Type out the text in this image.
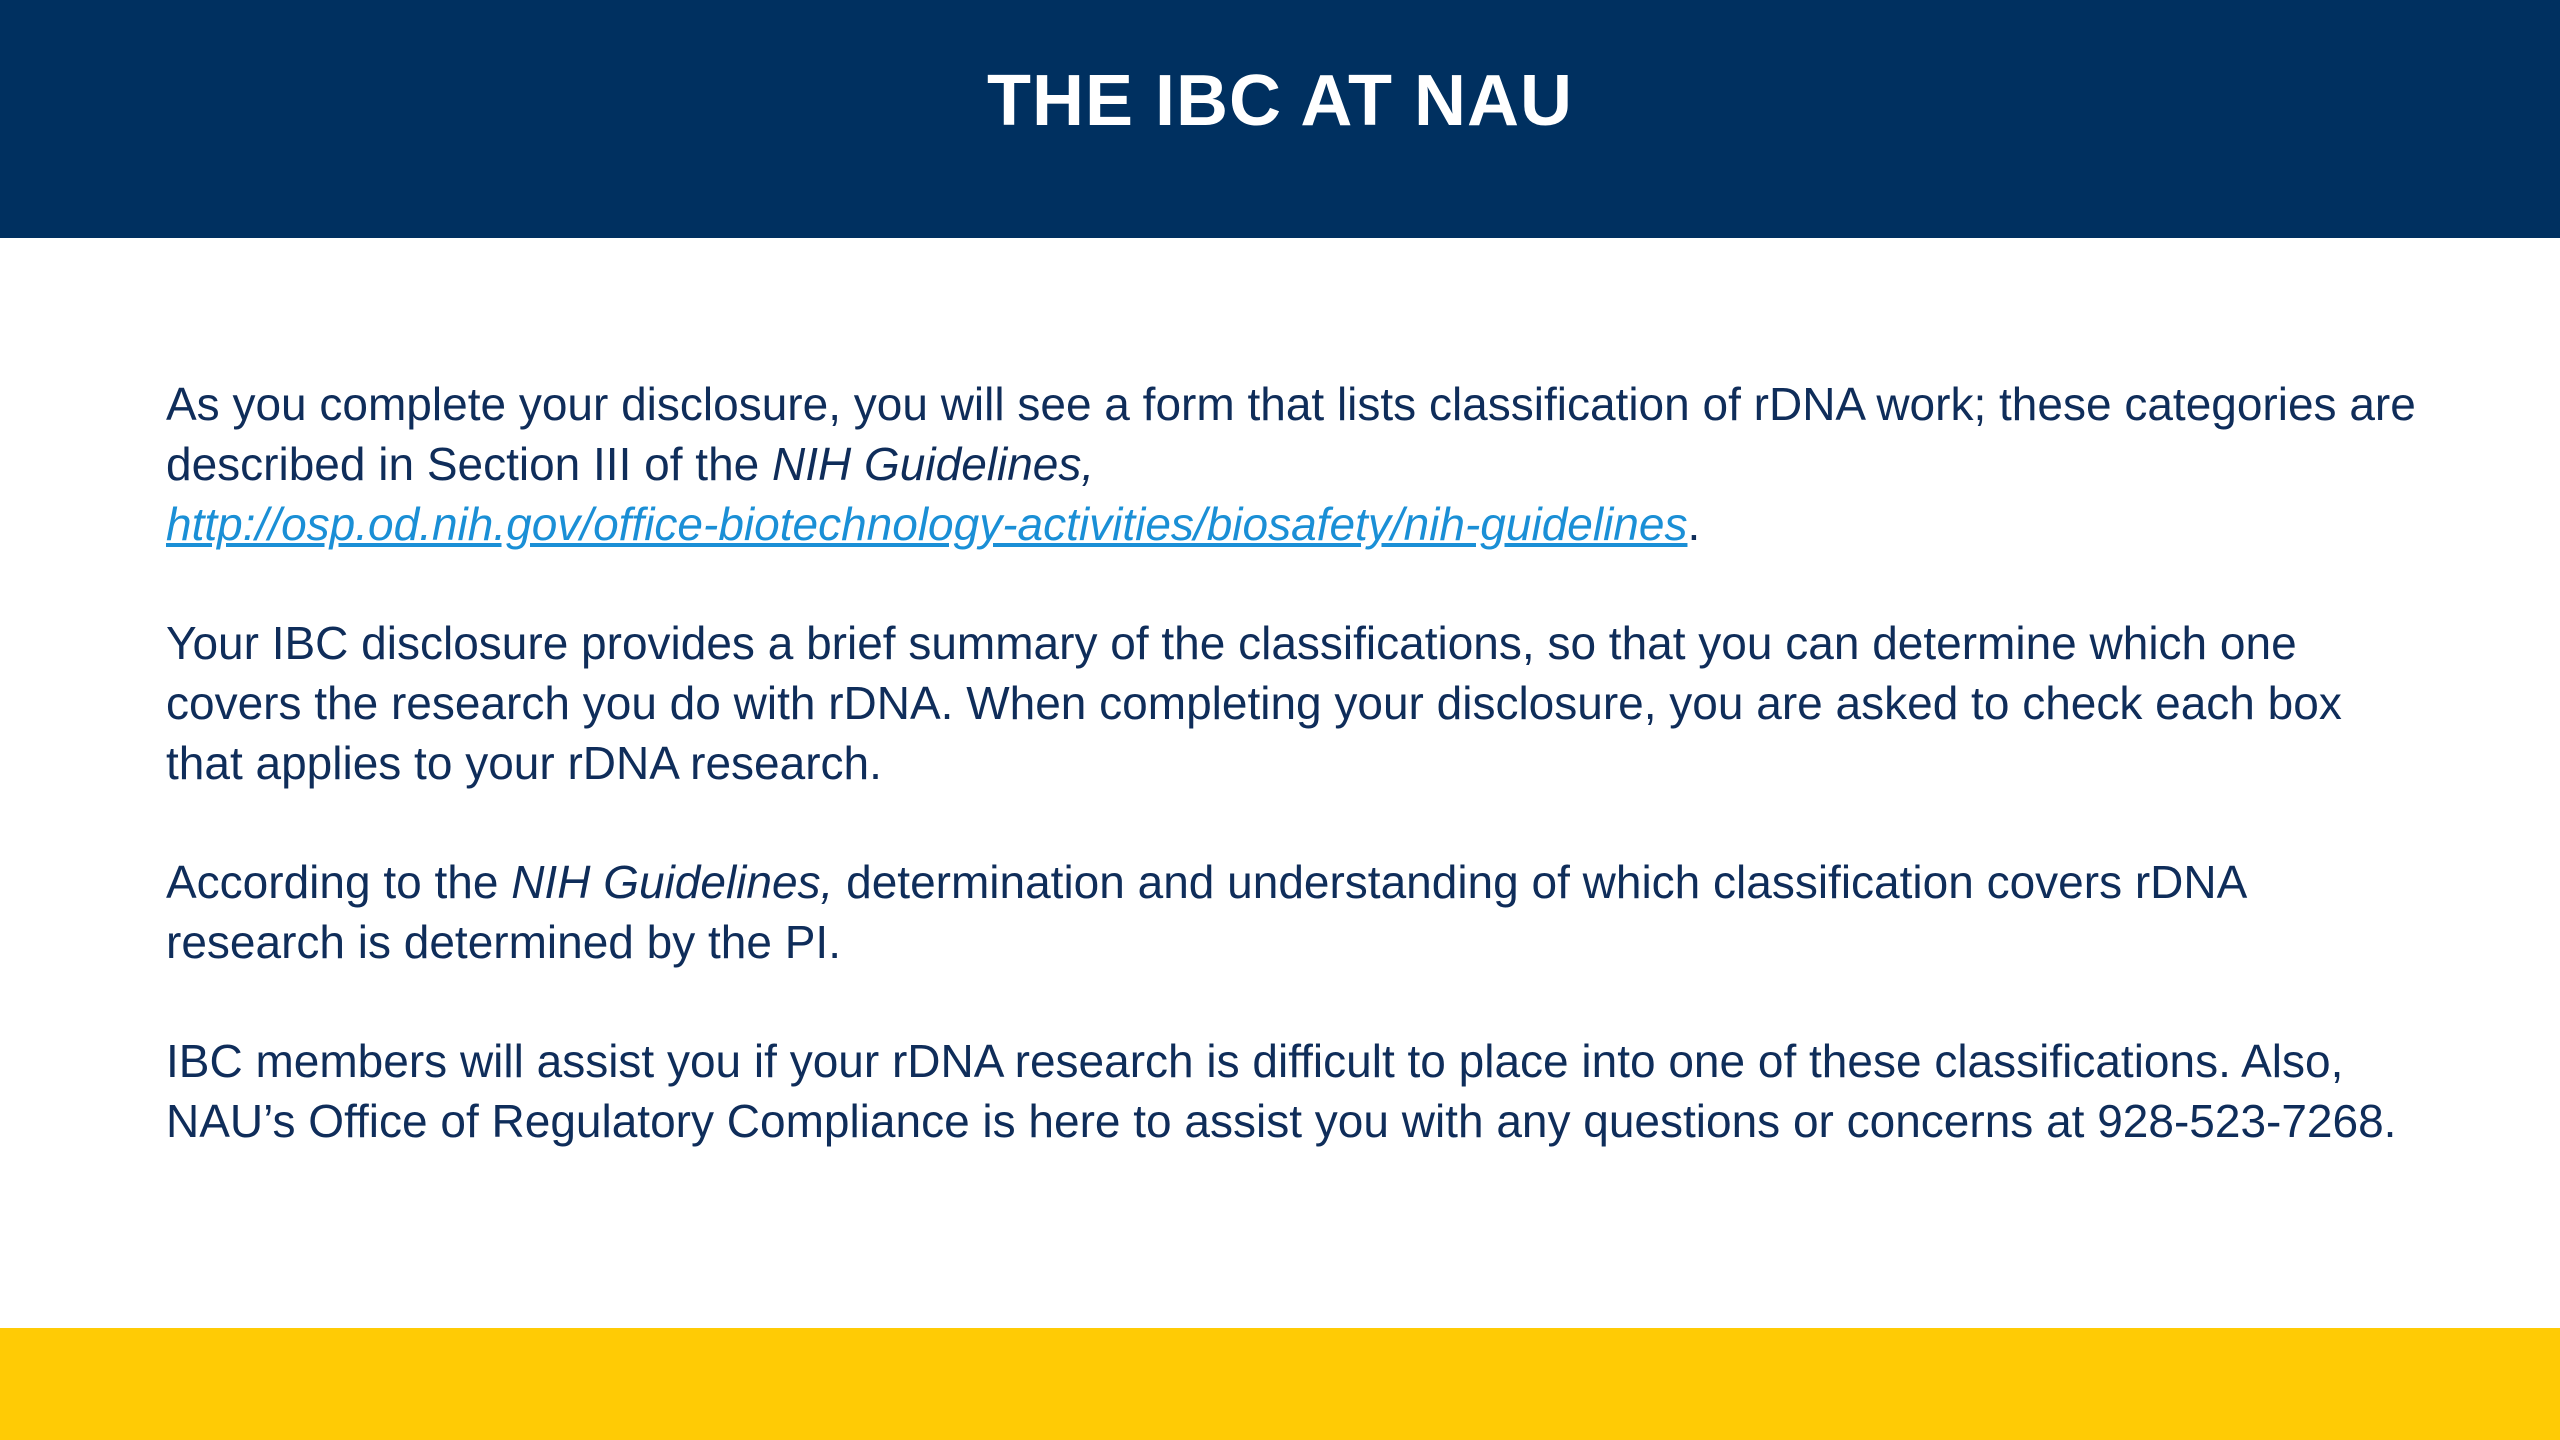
THE IBC AT NAU

As you complete your disclosure, you will see a form that lists classification of rDNA work; these categories are described in Section III of the NIH Guidelines,
http://osp.od.nih.gov/office-biotechnology-activities/biosafety/nih-guidelines.

Your IBC disclosure provides a brief summary of the classifications, so that you can determine which one covers the research you do with rDNA. When completing your disclosure, you are asked to check each box that applies to your rDNA research.

According to the NIH Guidelines, determination and understanding of which classification covers rDNA research is determined by the PI.

IBC members will assist you if your rDNA research is difficult to place into one of these classifications. Also, NAU’s Office of Regulatory Compliance is here to assist you with any questions or concerns at 928-523-7268.
